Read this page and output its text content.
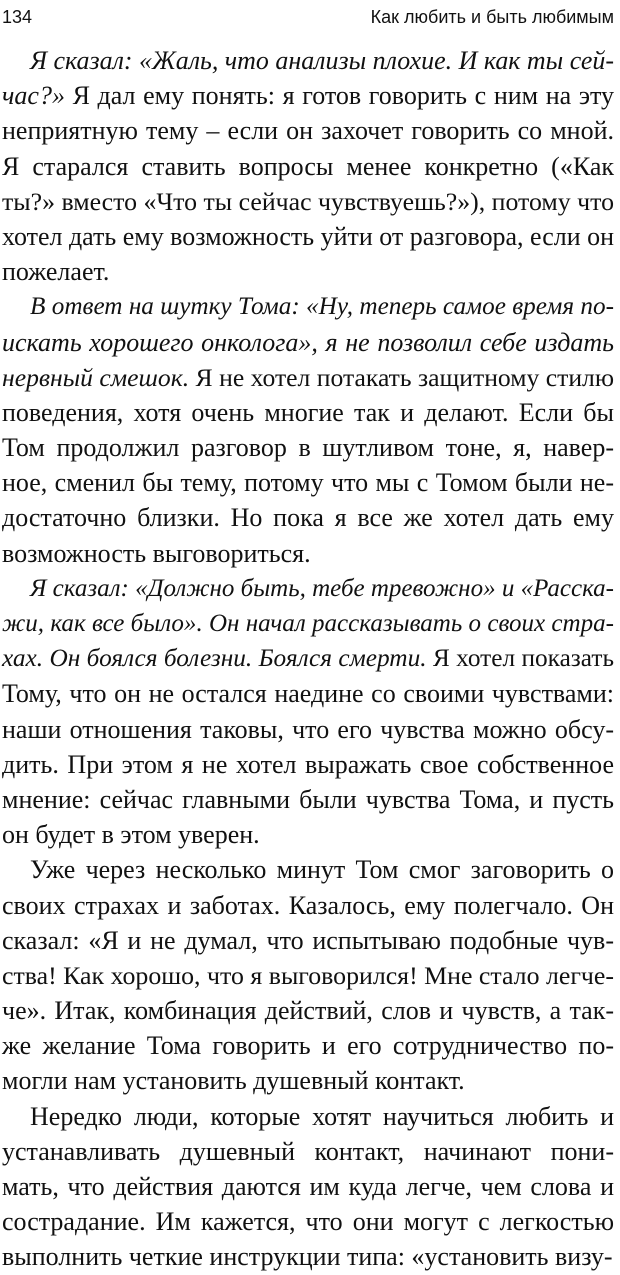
134	Как любить и быть любимым
Я сказал: «Жаль, что анализы плохие. И как ты сей-
час?» Я дал ему понять: я готов говорить с ним на эту
неприятную тему – если он захочет говорить со мной.
Я старался ставить вопросы менее конкретно («Как
ты?» вместо «Что ты сейчас чувствуешь?»), потому что
хотел дать ему возможность уйти от разговора, если он
пожелает.
В ответ на шутку Тома: «Ну, теперь самое время по-
искать хорошего онколога», я не позволил себе издать
нервный смешок. Я не хотел потакать защитному стилю
поведения, хотя очень многие так и делают. Если бы
Том продолжил разговор в шутливом тоне, я, навер-
ное, сменил бы тему, потому что мы с Томом были не-
достаточно близки. Но пока я все же хотел дать ему
возможность выговориться.
Я сказал: «Должно быть, тебе тревожно» и «Расска-
жи, как все было». Он начал рассказывать о своих стра-
хах. Он боялся болезни. Боялся смерти. Я хотел показать
Тому, что он не остался наедине со своими чувствами:
наши отношения таковы, что его чувства можно обсу-
дить. При этом я не хотел выражать свое собственное
мнение: сейчас главными были чувства Тома, и пусть
он будет в этом уверен.
Уже через несколько минут Том смог заговорить о
своих страхах и заботах. Казалось, ему полегчало. Он
сказал: «Я и не думал, что испытываю подобные чув-
ства! Как хорошо, что я выговорился! Мне стало легче-
че». Итак, комбинация действий, слов и чувств, а так-
же желание Тома говорить и его сотрудничество по-
могли нам установить душевный контакт.
Нередко люди, которые хотят научиться любить и
устанавливать душевный контакт, начинают пони-
мать, что действия даются им куда легче, чем слова и
сострадание. Им кажется, что они могут с легкостью
выполнить четкие инструкции типа: «установить визу-
